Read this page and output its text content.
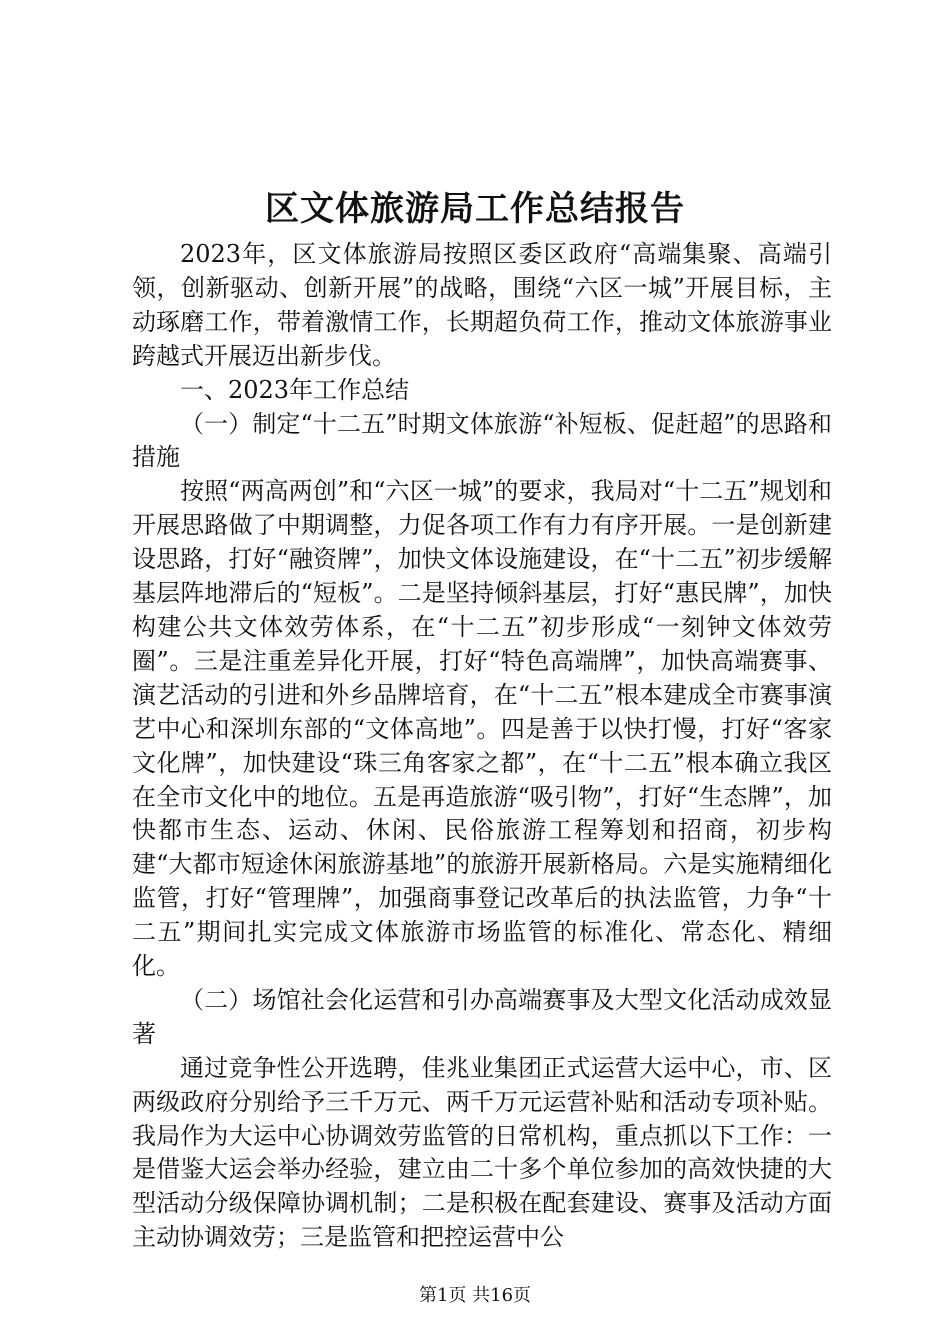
区文体旅游局工作总结报告

2023年，区文体旅游局按照区委区政府“高端集聚、高端引领，创新驱动、创新开展”的战略，围绕“六区一城”开展目标，主动琢磨工作，带着激情工作，长期超负荷工作，推动文体旅游事业跨越式开展迈出新步伐。

一、2023年工作总结

（一）制定“十二五”时期文体旅游“补短板、促赶超”的思路和措施

按照“两高两创”和“六区一城”的要求，我局对“十二五”规划和开展思路做了中期调整，力促各项工作有力有序开展。一是创新建设思路，打好“融资牌”，加快文体设施建设，在“十二五”初步缓解基层阵地滞后的“短板”。二是坚持倾斜基层，打好“惠民牌”，加快构建公共文体效劳体系，在“十二五”初步形成“一刻钟文体效劳圈”。三是注重差异化开展，打好“特色高端牌”，加快高端赛事、演艺活动的引进和外乡品牌培育，在“十二五”根本建成全市赛事演艺中心和深圳东部的“文体高地”。四是善于以快打慢，打好“客家文化牌”，加快建设“珠三角客家之都”，在“十二五”根本确立我区在全市文化中的地位。五是再造旅游“吸引物”，打好“生态牌”，加快都市生态、运动、休闲、民俗旅游工程筹划和招商，初步构建“大都市短途休闲旅游基地”的旅游开展新格局。六是实施精细化监管，打好“管理牌”，加强商事登记改革后的执法监管，力争“十二五”期间扎实完成文体旅游市场监管的标准化、常态化、精细化。

（二）场馆社会化运营和引办高端赛事及大型文化活动成效显著

通过竞争性公开选聘，佳兆业集团正式运营大运中心，市、区两级政府分别给予三千万元、两千万元运营补贴和活动专项补贴。我局作为大运中心协调效劳监管的日常机构，重点抓以下工作：一是借鉴大运会举办经验，建立由二十多个单位参加的高效快捷的大型活动分级保障协调机制；二是积极在配套建设、赛事及活动方面主动协调效劳；三是监管和把控运营中公

第1页 共16页
